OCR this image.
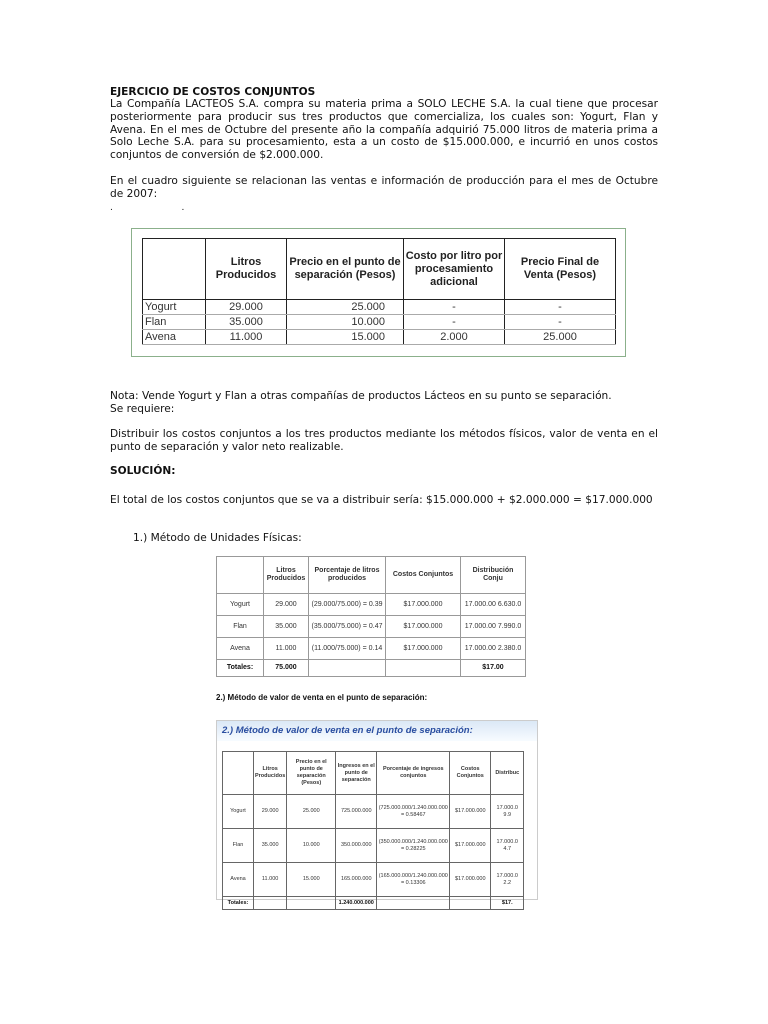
EJERCICIO DE COSTOS CONJUNTOS
La Compañía LACTEOS S.A. compra su materia prima a SOLO LECHE S.A. la cual tiene que procesar posteriormente para producir sus tres productos que comercializa, los cuales son: Yogurt, Flan y Avena. En el mes de Octubre del presente año la compañía adquirió 75.000 litros de materia prima a Solo Leche S.A. para su procesamiento, esta a un costo de $15.000.000, e incurrió en unos costos conjuntos de conversión de $2.000.000.
En el cuadro siguiente se relacionan las ventas e información de producción para el mes de Octubre de 2007:
.                        .
	Litros Producidos	Precio en el punto de separación (Pesos)	Costo por litro por procesamiento adicional	Precio Final de Venta (Pesos)
Yogurt	29.000	25.000	-	-
Flan	35.000	10.000	-	-
Avena	11.000	15.000	2.000	25.000
Nota: Vende Yogurt y Flan a otras compañías de productos Lácteos en su punto se separación.
Se requiere:
Distribuir los costos conjuntos a los tres productos mediante los métodos físicos, valor de venta en el punto de separación y valor neto realizable.
SOLUCIÓN:
El total de los costos conjuntos que se va a distribuir sería: $15.000.000 + $2.000.000 = $17.000.000
1.) Método de Unidades Físicas:
	Litros Producidos	Porcentaje de litros producidos	Costos Conjuntos	Distribución Conju
Yogurt	29.000	(29.000/75.000) = 0.39	$17.000.000	17.000.00 6.630.0
Flan	35.000	(35.000/75.000) = 0.47	$17.000.000	17.000.00 7.990.0
Avena	11.000	(11.000/75.000) = 0.14	$17.000.000	17.000.00 2.380.0
Totales:	75.000			$17.00
2.) Método de valor de venta en el punto de separación:
2.) Método de valor de venta en el punto de separación:
	Litros Producidos	Precio en el punto de separación (Pesos)	Ingresos en el punto de separación	Porcentaje de ingresos conjuntos	Costos Conjuntos	Distribuc
Yogurt	29.000	25.000	725.000.000	(725.000.000/1.240.000.000 = 0.58467	$17.000.000	17.000.0 9.9
Flan	35.000	10.000	350.000.000	(350.000.000/1.240.000.000 = 0.28225	$17.000.000	17.000.0 4.7
Avena	11.000	15.000	165.000.000	(165.000.000/1.240.000.000 = 0.13306	$17.000.000	17.000.0 2.2
Totales:			1.240.000.000			$17.
